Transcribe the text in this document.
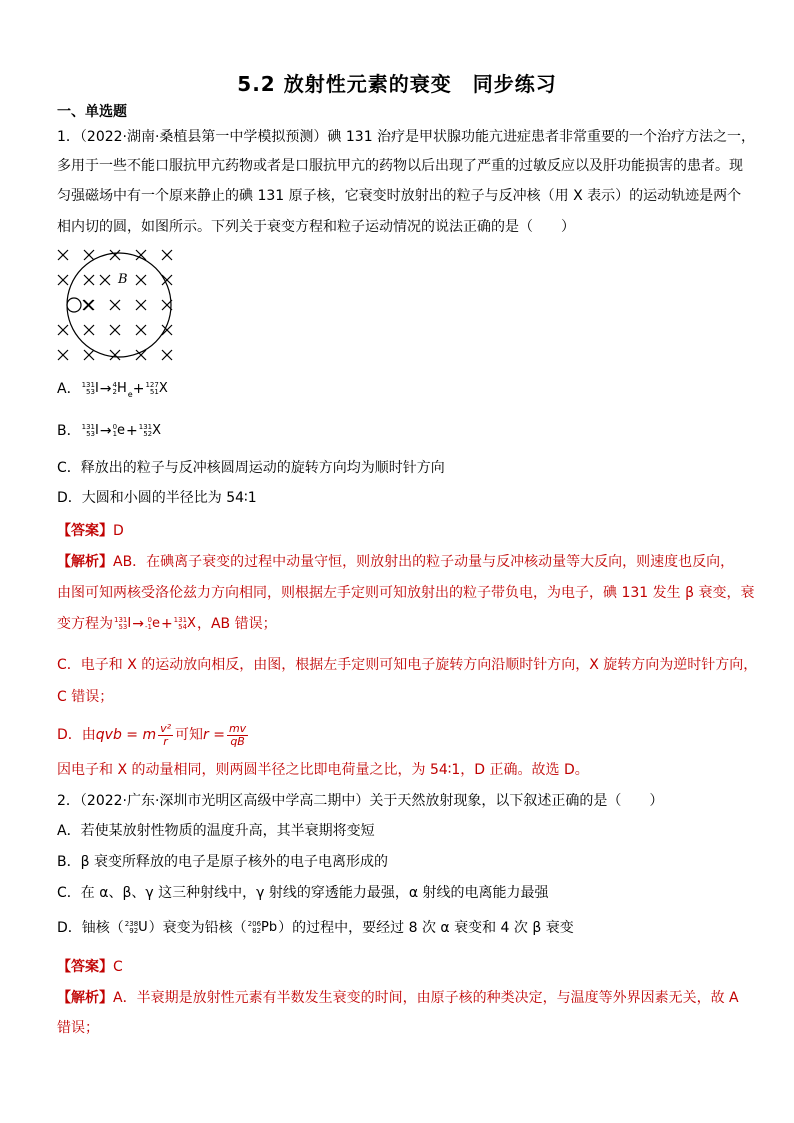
5.2 放射性元素的衰变　同步练习
一、单选题
1．（2022·湖南·桑植县第一中学模拟预测）碘 131 治疗是甲状腺功能亢进症患者非常重要的一个治疗方法之一，
多用于一些不能口服抗甲亢药物或者是口服抗甲亢的药物以后出现了严重的过敏反应以及肝功能损害的患者。现
匀强磁场中有一个原来静止的碘 131 原子核，它衰变时放射出的粒子与反冲核（用 X 表示）的运动轨迹是两个
相内切的圆，如图所示。下列关于衰变方程和粒子运动情况的说法正确的是（　　）
B
A． 131
53 I→ 4
2 $H_e+ 127$
51 X
B． 131
53 I→ 0
1 e+ 131
52 X
C．释放出的粒子与反冲核圆周运动的旋转方向均为顺时针方向
D．大圆和小圆的半径比为 54∶1
【答案】D
【解析】AB．在碘离子衰变的过程中动量守恒，则放射出的粒子动量与反冲核动量等大反向，则速度也反向，
由图可知两核受洛伦兹力方向相同，则根据左手定则可知放射出的粒子带负电，为电子，碘 131 发生 β 衰变，衰
变方程为 131
53 I→ 0
-1 e+ 131
54 X，AB 错误；
C．电子和 X 的运动放向相反，由图，根据左手定则可知电子旋转方向沿顺时针方向，X 旋转方向为逆时针方向，
C 错误；
D．由qvb = m $\frac{\text{v²}}{r}$ 可知$r = \frac{mv}{qB}$
因电子和 X 的动量相同，则两圆半径之比即电荷量之比，为 54∶1，D 正确。故选 D。
2．（2022·广东·深圳市光明区高级中学高二期中）关于天然放射现象，以下叙述正确的是（　　）
A．若使某放射性物质的温度升高，其半衰期将变短
B．β 衰变所释放的电子是原子核外的电子电离形成的
C．在 α、β、γ 这三种射线中，γ 射线的穿透能力最强，α 射线的电离能力最强
D．铀核（ 238
92 U）衰变为铅核（ 206
82 Pb）的过程中，要经过 8 次 α 衰变和 4 次 β 衰变
【答案】C
【解析】A．半衰期是放射性元素有半数发生衰变的时间，由原子核的种类决定，与温度等外界因素无关，故 A
错误；
